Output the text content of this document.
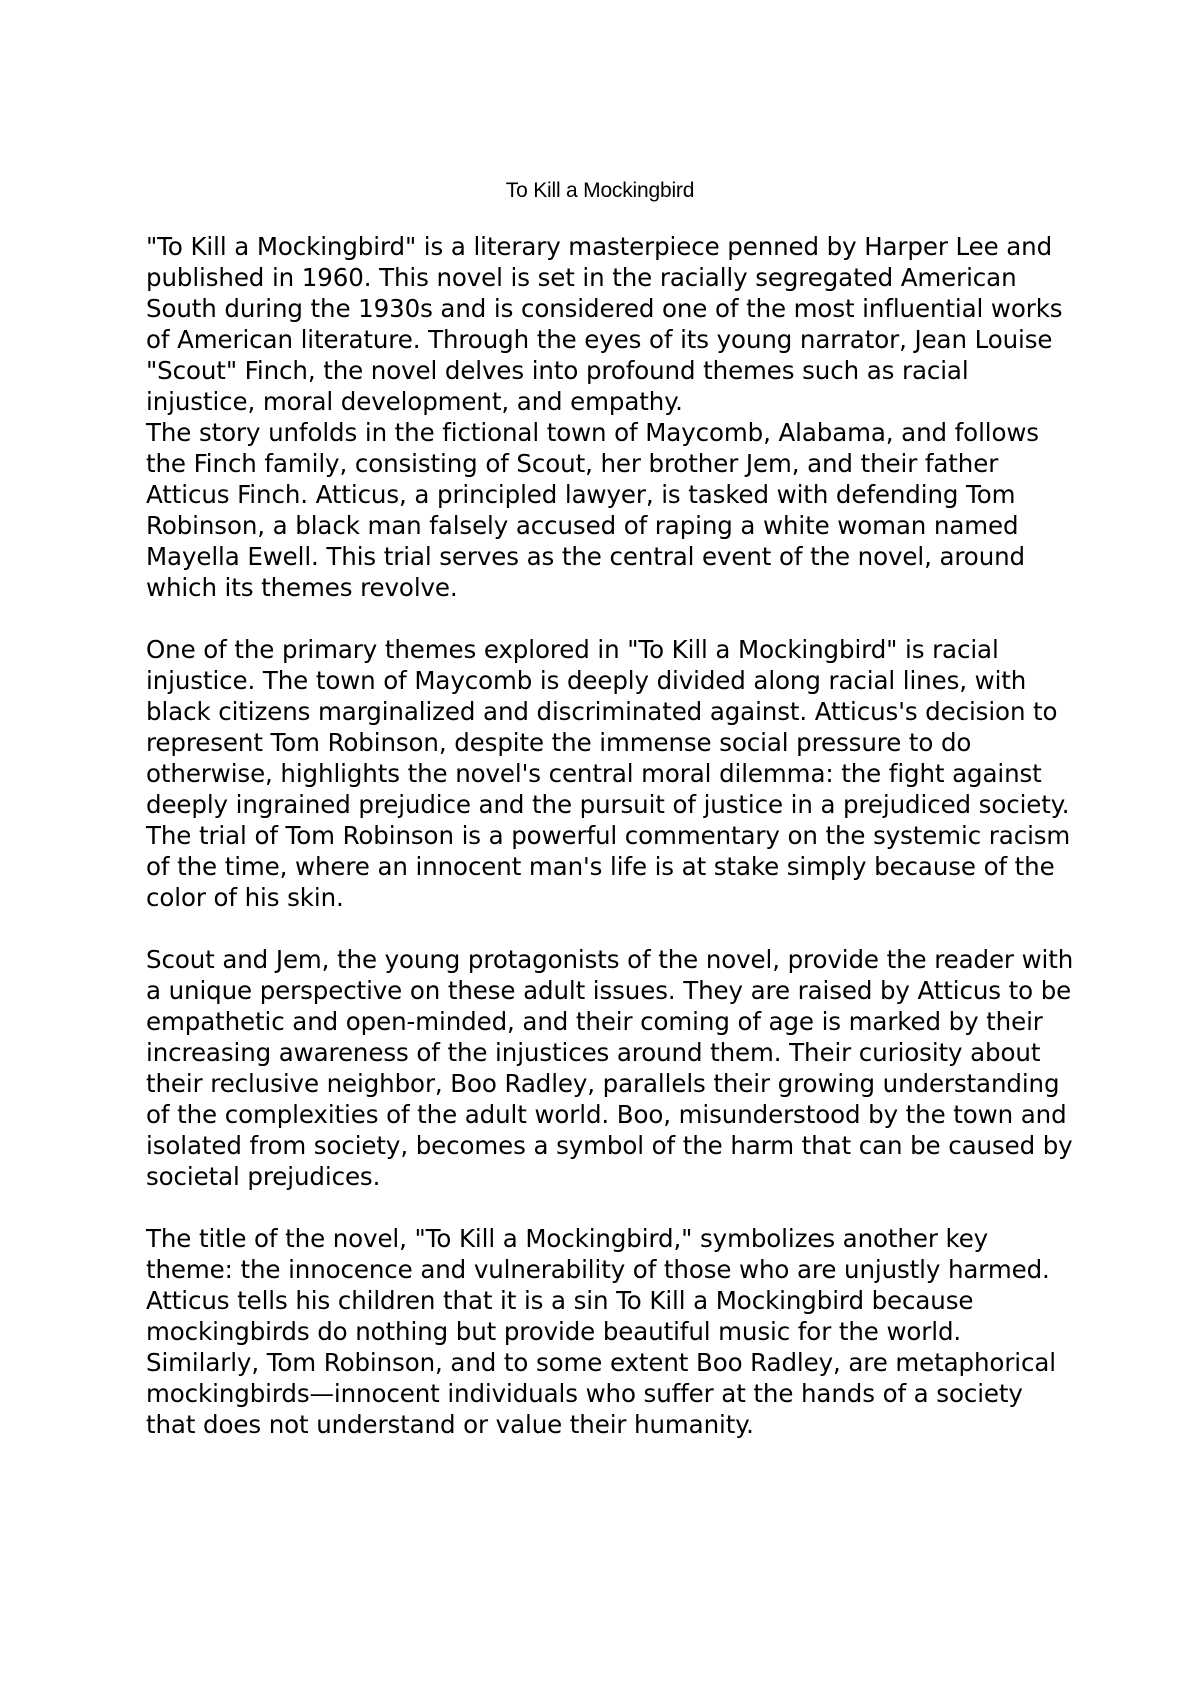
To Kill a Mockingbird

"To Kill a Mockingbird" is a literary masterpiece penned by Harper Lee and published in 1960. This novel is set in the racially segregated American South during the 1930s and is considered one of the most influential works of American literature. Through the eyes of its young narrator, Jean Louise "Scout" Finch, the novel delves into profound themes such as racial injustice, moral development, and empathy.

The story unfolds in the fictional town of Maycomb, Alabama, and follows the Finch family, consisting of Scout, her brother Jem, and their father Atticus Finch. Atticus, a principled lawyer, is tasked with defending Tom Robinson, a black man falsely accused of raping a white woman named Mayella Ewell. This trial serves as the central event of the novel, around which its themes revolve.

One of the primary themes explored in "To Kill a Mockingbird" is racial injustice. The town of Maycomb is deeply divided along racial lines, with black citizens marginalized and discriminated against. Atticus's decision to represent Tom Robinson, despite the immense social pressure to do otherwise, highlights the novel's central moral dilemma: the fight against deeply ingrained prejudice and the pursuit of justice in a prejudiced society. The trial of Tom Robinson is a powerful commentary on the systemic racism of the time, where an innocent man's life is at stake simply because of the color of his skin.

Scout and Jem, the young protagonists of the novel, provide the reader with a unique perspective on these adult issues. They are raised by Atticus to be empathetic and open-minded, and their coming of age is marked by their increasing awareness of the injustices around them. Their curiosity about their reclusive neighbor, Boo Radley, parallels their growing understanding of the complexities of the adult world. Boo, misunderstood by the town and isolated from society, becomes a symbol of the harm that can be caused by societal prejudices.

The title of the novel, "To Kill a Mockingbird," symbolizes another key theme: the innocence and vulnerability of those who are unjustly harmed. Atticus tells his children that it is a sin To Kill a Mockingbird because mockingbirds do nothing but provide beautiful music for the world. Similarly, Tom Robinson, and to some extent Boo Radley, are metaphorical mockingbirds—innocent individuals who suffer at the hands of a society that does not understand or value their humanity.
